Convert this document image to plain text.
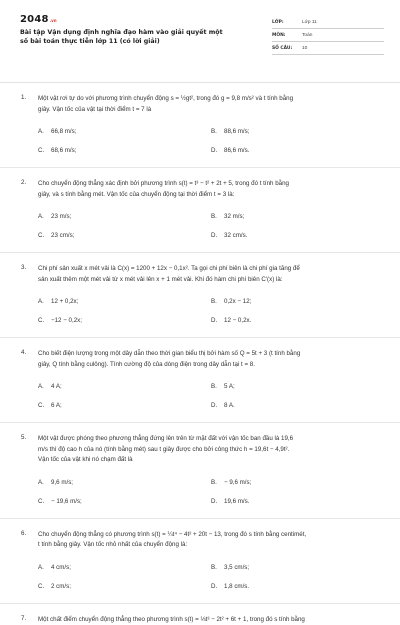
2048 .vn
Bài tập Vận dụng định nghĩa đạo hàm vào giải quyết một
số bài toán thực tiễn lớp 11 (có lời giải)
LỚP:	Lớp 11
MÔN:	Toán
SỐ CÂU:	10
1. Một vật rơi tự do với phương trình chuyển động s = ½gt², trong đó g = 9,8 m/s² và t tính bằng
giây. Vận tốc của vật tại thời điểm t = 7 là
A.	66,8 m/s;	B.	88,6 m/s;
C.	68,6 m/s;	D.	86,6 m/s.
2. Cho chuyển động thẳng xác định bởi phương trình s(t) = t³ − t² + 2t + 5, trong đó t tính bằng
giây, và s tính bằng mét. Vận tốc của chuyển động tại thời điểm t = 3 là:
A.	23 m/s;	B.	32 m/s;
C.	23 cm/s;	D.	32 cm/s.
3. Chi phí sản xuất x mét vải là C(x) = 1200 + 12x − 0,1x². Ta gọi chi phí biên là chi phí gia tăng để
sản xuất thêm một mét vải từ x mét vải lên x + 1 mét vải. Khi đó hàm chi phí biên C'(x) là:
A.	12 + 0,2x;	B.	0,2x − 12;
C.	−12 − 0,2x;	D.	12 − 0,2x.
4. Cho biết điện lượng trong một dây dẫn theo thời gian biểu thị bởi hàm số Q = 5t + 3 (t tính bằng
giây, Q tính bằng culông). Tính cường độ của dòng điện trong dây dẫn tại t = 8.
A.	4 A;	B.	5 A;
C.	6 A;	D.	8 A.
5. Một vật được phóng theo phương thẳng đứng lên trên từ mặt đất với vận tốc ban đầu là 19,6
m/s thì độ cao h của nó (tính bằng mét) sau t giây được cho bởi công thức h = 19,6t − 4,9t².
Vận tốc của vật khi nó chạm đất là
A.	9,6 m/s;	B.	− 9,6 m/s;
C.	− 19,6 m/s;	D.	19,6 m/s.
6. Cho chuyển động thẳng có phương trình s(t) = ¼t⁴ − 4t² + 20t − 13, trong đó s tính bằng centimét,
t tính bằng giây. Vận tốc nhỏ nhất của chuyển động là:
A.	4 cm/s;	B.	3,5 cm/s;
C.	2 cm/s;	D.	1,8 cm/s.
7. Một chất điểm chuyển động thẳng theo phương trình s(t) = ⅓t³ − 2t² + 6t + 1, trong đó s tính bằng
